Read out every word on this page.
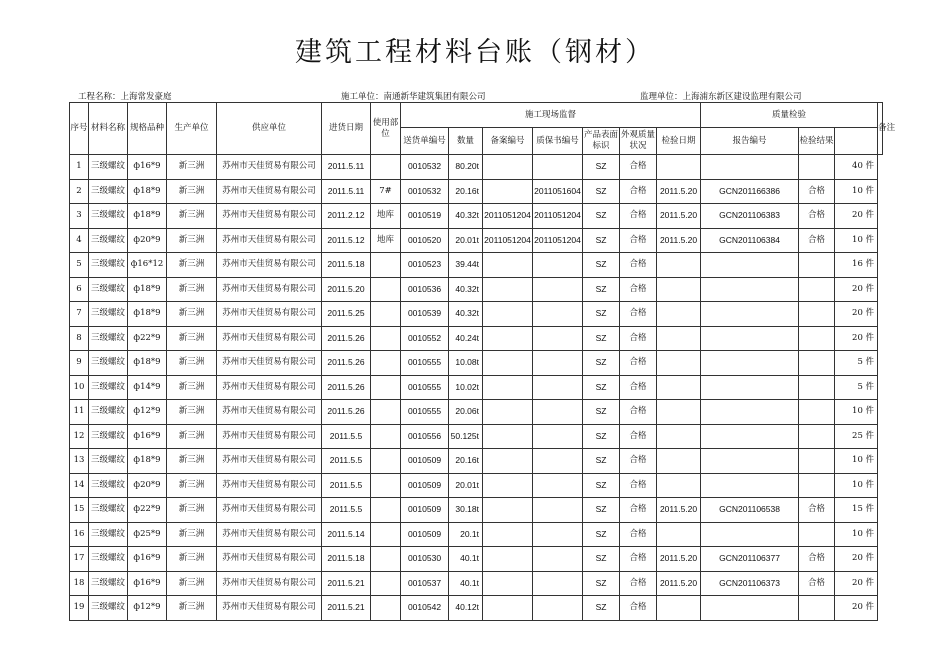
建筑工程材料台账（钢材）
工程名称：上海常发豪庭	施工单位：南通新华建筑集团有限公司	监理单位：上海浦东新区建设监理有限公司
序号	材料名称	规格品种	生产单位	供应单位	进货日期	使用部位	施工现场监督							质量检验			备注
							送货单编号	数量	备案编号	质保书编号	产品表面标识	外观质量状况	检验日期	报告编号	检验结果		
1	三级螺纹	ф16*9	新三洲	苏州市天佳贸易有限公司	2011.5.11		0010532	80.20t			SZ	合格				40 件	
2	三级螺纹	ф18*9	新三洲	苏州市天佳贸易有限公司	2011.5.11	7#	0010532	20.16t		2011051604	SZ	合格	2011.5.20	GCN201166386	合格	10 件	
3	三级螺纹	ф18*9	新三洲	苏州市天佳贸易有限公司	2011.2.12	地库	0010519	40.32t	2011051204	2011051204	SZ	合格	2011.5.20	GCN201106383	合格	20 件	
4	三级螺纹	ф20*9	新三洲	苏州市天佳贸易有限公司	2011.5.12	地库	0010520	20.01t	2011051204	2011051204	SZ	合格	2011.5.20	GCN201106384	合格	10 件	
5	三级螺纹	ф16*12	新三洲	苏州市天佳贸易有限公司	2011.5.18		0010523	39.44t			SZ	合格				16 件	
6	三级螺纹	ф18*9	新三洲	苏州市天佳贸易有限公司	2011.5.20		0010536	40.32t			SZ	合格				20 件	
7	三级螺纹	ф18*9	新三洲	苏州市天佳贸易有限公司	2011.5.25		0010539	40.32t			SZ	合格				20 件	
8	三级螺纹	ф22*9	新三洲	苏州市天佳贸易有限公司	2011.5.26		0010552	40.24t			SZ	合格				20 件	
9	三级螺纹	ф18*9	新三洲	苏州市天佳贸易有限公司	2011.5.26		0010555	10.08t			SZ	合格				5 件	
10	三级螺纹	ф14*9	新三洲	苏州市天佳贸易有限公司	2011.5.26		0010555	10.02t			SZ	合格				5 件	
11	三级螺纹	ф12*9	新三洲	苏州市天佳贸易有限公司	2011.5.26		0010555	20.06t			SZ	合格				10 件	
12	三级螺纹	ф16*9	新三洲	苏州市天佳贸易有限公司	2011.5.5		0010556	50.125t			SZ	合格				25 件	
13	三级螺纹	ф18*9	新三洲	苏州市天佳贸易有限公司	2011.5.5		0010509	20.16t			SZ	合格				10 件	
14	三级螺纹	ф20*9	新三洲	苏州市天佳贸易有限公司	2011.5.5		0010509	20.01t			SZ	合格				10 件	
15	三级螺纹	ф22*9	新三洲	苏州市天佳贸易有限公司	2011.5.5		0010509	30.18t			SZ	合格	2011.5.20	GCN201106538	合格	15 件	
16	三级螺纹	ф25*9	新三洲	苏州市天佳贸易有限公司	2011.5.14		0010509	20.1t			SZ	合格				10 件	
17	三级螺纹	ф16*9	新三洲	苏州市天佳贸易有限公司	2011.5.18		0010530	40.1t			SZ	合格	2011.5.20	GCN201106377	合格	20 件	
18	三级螺纹	ф16*9	新三洲	苏州市天佳贸易有限公司	2011.5.21		0010537	40.1t			SZ	合格	2011.5.20	GCN201106373	合格	20 件	
19	三级螺纹	ф12*9	新三洲	苏州市天佳贸易有限公司	2011.5.21		0010542	40.12t			SZ	合格				20 件	
